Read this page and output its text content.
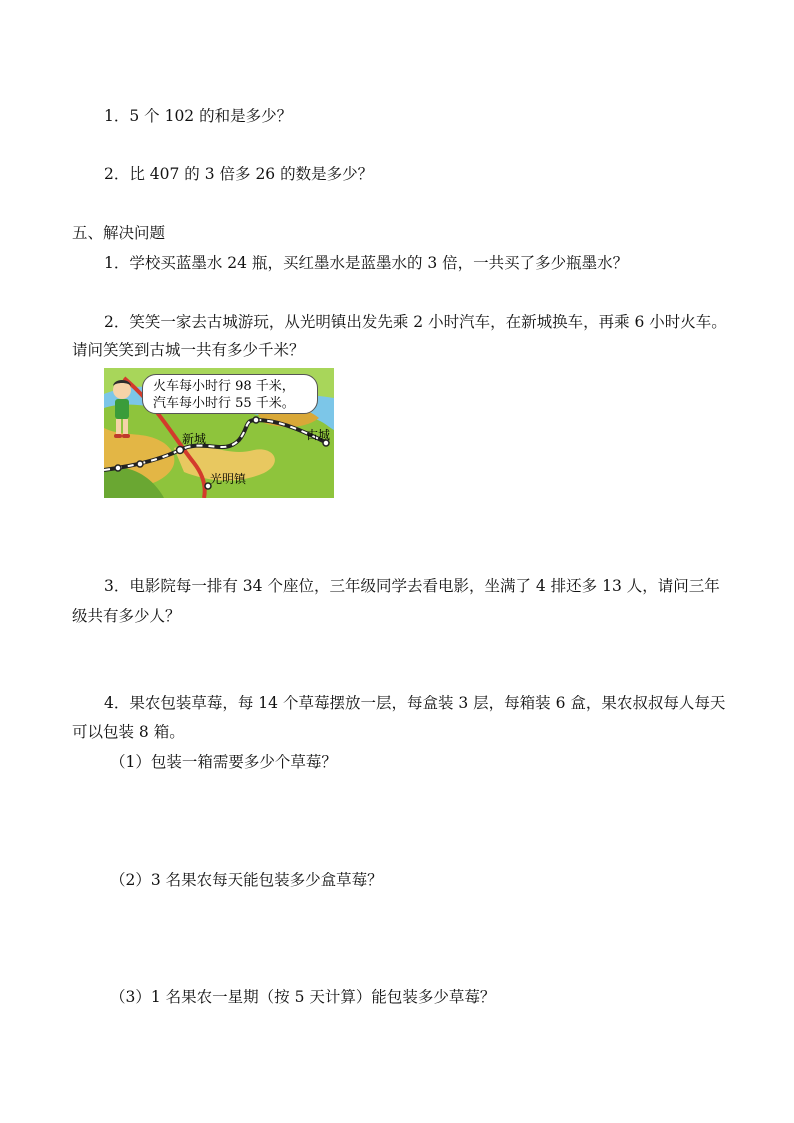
1．5 个 102 的和是多少？
2．比 407 的 3 倍多 26 的数是多少？
五、解决问题
1．学校买蓝墨水 24 瓶，买红墨水是蓝墨水的 3 倍，一共买了多少瓶墨水？
2．笑笑一家去古城游玩，从光明镇出发先乘 2 小时汽车，在新城换车，再乘 6 小时火车。
请问笑笑到古城一共有多少千米？
火车每小时行 98 千米，
汽车每小时行 55 千米。
新城	古城
光明镇
3．电影院每一排有 34 个座位，三年级同学去看电影，坐满了 4 排还多 13 人，请问三年
级共有多少人？
4．果农包装草莓，每 14 个草莓摆放一层，每盒装 3 层，每箱装 6 盒，果农叔叔每人每天
可以包装 8 箱。
（1）包装一箱需要多少个草莓？
（2）3 名果农每天能包装多少盒草莓？
（3）1 名果农一星期（按 5 天计算）能包装多少草莓？
